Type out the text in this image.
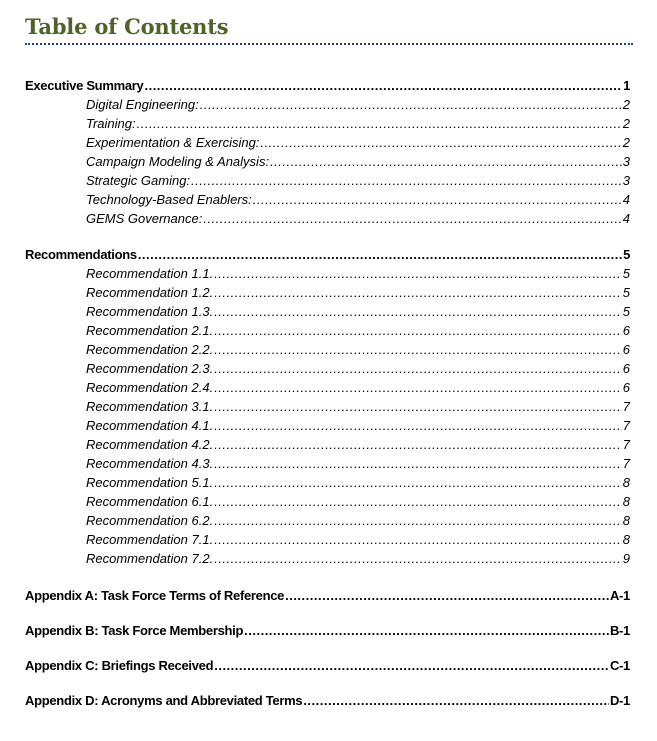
Table of Contents
Executive Summary .....	1
Digital Engineering: .....	2
Training: .....	2
Experimentation & Exercising: .....	2
Campaign Modeling & Analysis: .....	3
Strategic Gaming: .....	3
Technology-Based Enablers: .....	4
GEMS Governance: .....	4
Recommendations .....	5
Recommendation 1.1. .....	5
Recommendation 1.2. .....	5
Recommendation 1.3. .....	5
Recommendation 2.1. .....	6
Recommendation 2.2. .....	6
Recommendation 2.3. .....	6
Recommendation 2.4. .....	6
Recommendation 3.1. .....	7
Recommendation 4.1. .....	7
Recommendation 4.2. .....	7
Recommendation 4.3. .....	7
Recommendation 5.1. .....	8
Recommendation 6.1. .....	8
Recommendation 6.2. .....	8
Recommendation 7.1. .....	8
Recommendation 7.2. .....	9
Appendix A: Task Force Terms of Reference .....	A-1
Appendix B: Task Force Membership .....	B-1
Appendix C: Briefings Received .....	C-1
Appendix D: Acronyms and Abbreviated Terms .....	D-1
